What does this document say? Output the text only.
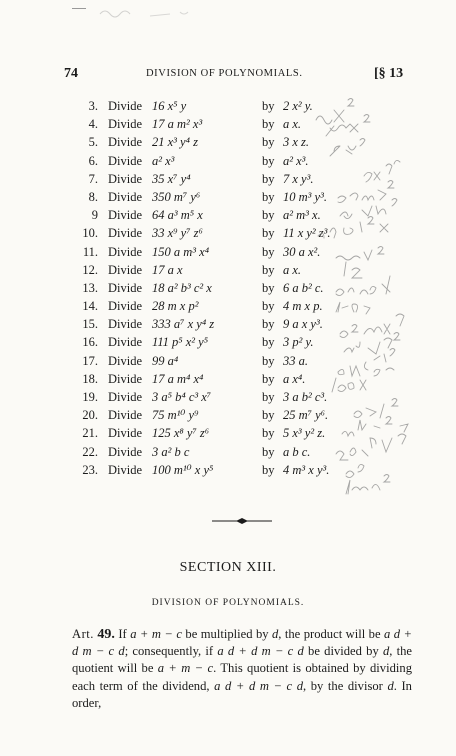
74	DIVISION OF POLYNOMIALS.	[§ 13
3. Divide 16 x⁵ y	by 2 x² y.
4. Divide 17 a m² x³	by a x.
5. Divide 21 x³ y⁴ z	by 3 x z.
6. Divide a² x³	by a² x³.
7. Divide 35 x⁷ y⁴	by 7 x y³.
8. Divide 350 m⁷ y⁶	by 10 m³ y³.
9 Divide 64 a³ m⁵ x	by a² m³ x.
10. Divide 33 x⁹ y⁷ z⁶	by 11 x y² z³.
11. Divide 150 a m³ x⁴	by 30 a x².
12. Divide 17 a x	by a x.
13. Divide 18 a² b³ c² x	by 6 a b² c.
14. Divide 28 m x p²	by 4 m x p.
15. Divide 333 a⁷ x y⁴ z	by 9 a x y³.
16. Divide 111 p⁵ x² y⁵	by 3 p² y.
17. Divide 99 a⁴	by 33 a.
18. Divide 17 a m⁴ x⁴	by a x⁴.
19. Divide 3 a⁵ b⁴ c³ x⁷	by 3 a b² c³.
20. Divide 75 m¹⁰ y⁹	by 25 m⁷ y⁶.
21. Divide 125 x⁸ y⁷ z⁶	by 5 x³ y² z.
22. Divide 3 a² b c	by a b c.
23. Divide 100 m¹⁰ x y⁵	by 4 m³ x y³.
SECTION XIII.
DIVISION OF POLYNOMIALS.
Art. 49. If a + m − c be multiplied by d, the product will be a d + d m − c d; consequently, if a d + d m − c d be divided by d, the quotient will be a + m − c. This quotient is obtained by dividing each term of the dividend, a d + d m − c d, by the divisor d. In order,
